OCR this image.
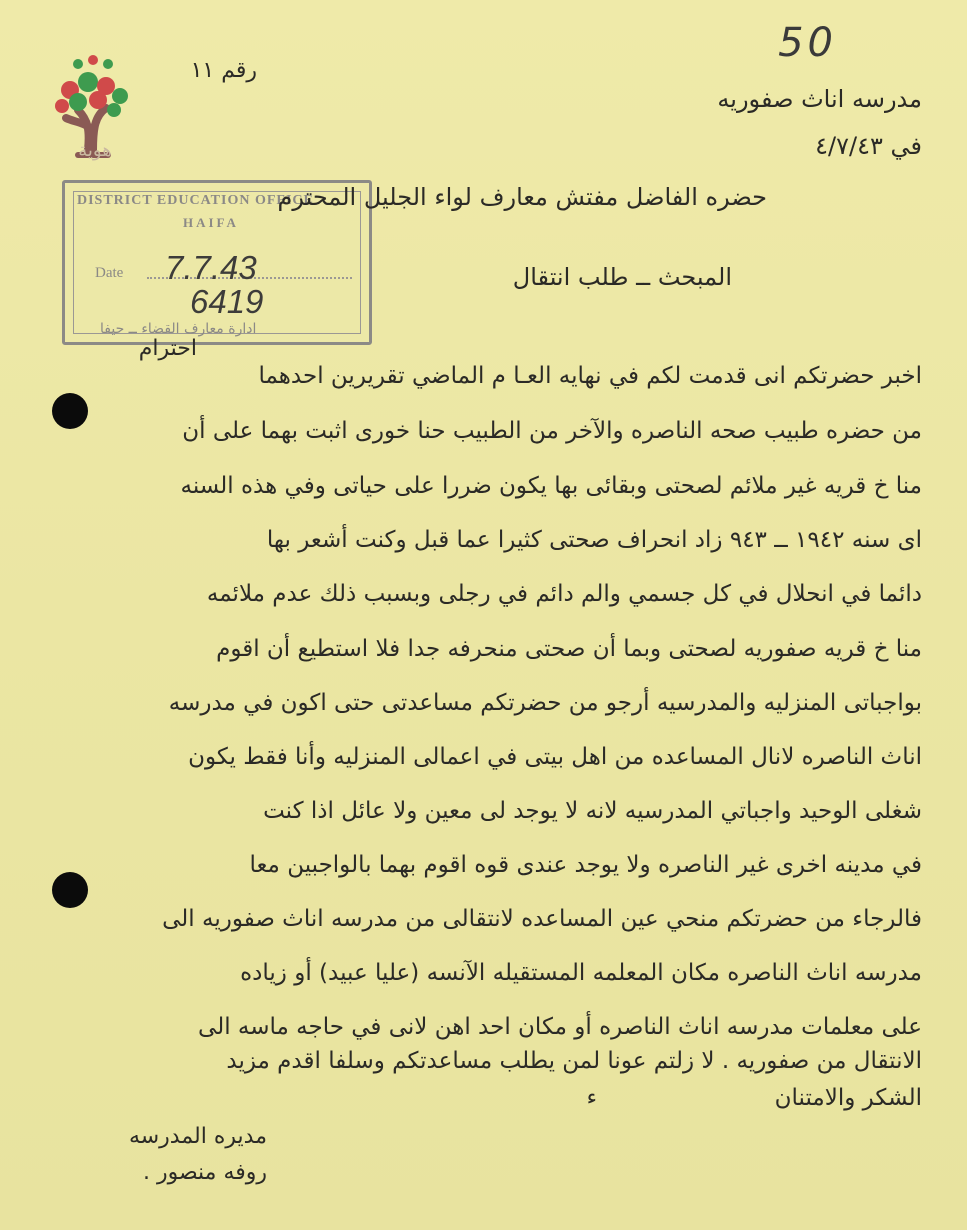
هوية
50
رقم ١١
مدرسه اناث صفوريه
في ٤/٧/٤٣
DISTRICT EDUCATION OFFICE
HAIFA
Date 7.7.43
6419
ادارة معارف القضاء ــ حيفا
حضره الفاضل مفتش معارف لواء الجليل المحترم
المبحث ــ طلب انتقال
احترام
اخبر حضرتكم انى قدمت لكم في نهايه العـا م الماضي تقريرين احدهما
من حضره طبيب صحه الناصره والآخر من الطبيب حنا خورى اثبت بهما على أن
منا خ قريه غير ملائم لصحتى وبقائى بها يكون ضررا على حياتى وفي هذه السنه
اى سنه ١٩٤٢ ــ ٩٤٣ زاد انحراف صحتى كثيرا عما قبل وكنت أشعر بها
دائما في انحلال في كل جسمي والم دائم في رجلى وبسبب ذلك عدم ملائمه
منا خ قريه صفوريه لصحتى وبما أن صحتى منحرفه جدا فلا استطيع أن اقوم
بواجباتى المنزليه والمدرسيه أرجو من حضرتكم مساعدتى حتى اكون في مدرسه
اناث الناصره لانال المساعده من اهل بيتى في اعمالى المنزليه وأنا فقط يكون
شغلى الوحيد واجباتي المدرسيه لانه لا يوجد لى معين ولا عائل اذا كنت
في مدينه اخرى غير الناصره ولا يوجد عندى قوه اقوم بهما بالواجبين معا
فالرجاء من حضرتكم منحي عين المساعده لانتقالى من مدرسه اناث صفوريه الى
مدرسه اناث الناصره مكان المعلمه المستقيله الآنسه (عليا عبيد) أو زياده
على معلمات مدرسه اناث الناصره أو مكان احد اهن لانى في حاجه ماسه الى
الانتقال من صفوريه . لا زلتم عونا لمن يطلب مساعدتكم وسلفا اقدم مزيد
الشكر والامتنان
ء
مديره المدرسه
روفه منصور .
